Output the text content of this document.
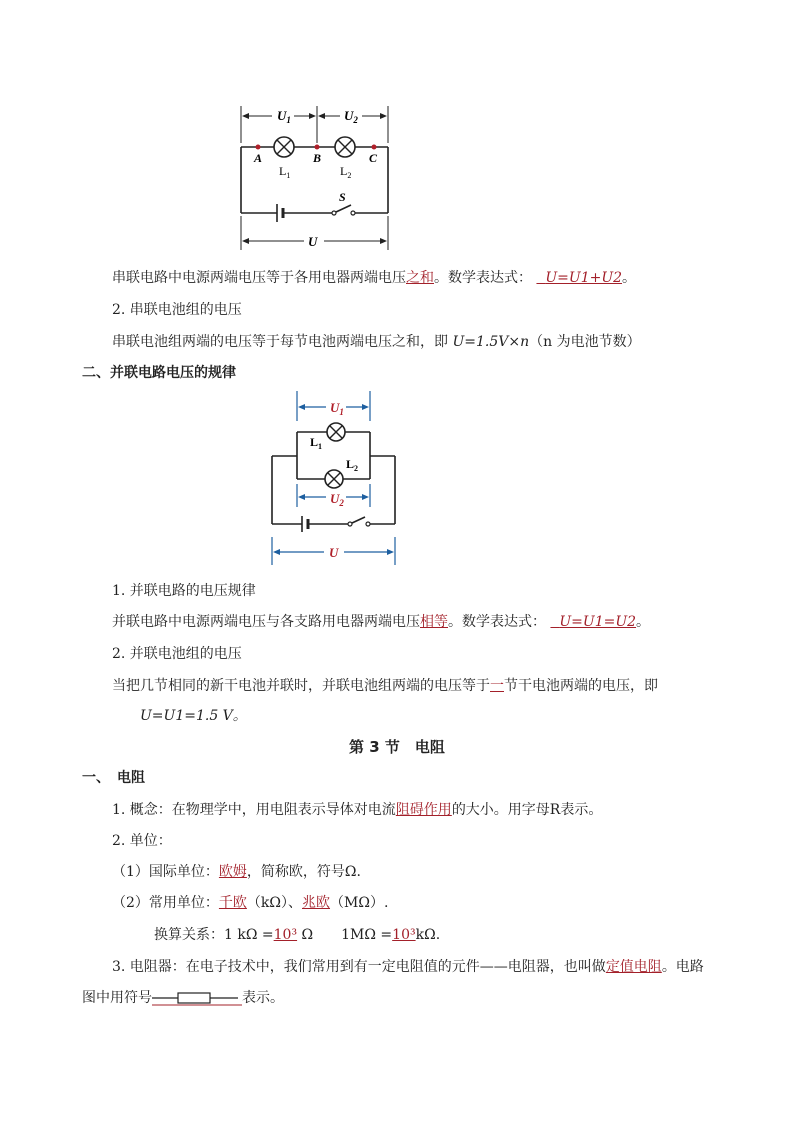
$U_1$	$U_2$
A	B	C
$L_1$	$L_2$
S
U
串联电路中电源两端电压等于各用电器两端电压之和。数学表达式： U=U1+U2。
2. 串联电池组的电压
串联电池组两端的电压等于每节电池两端电压之和，即 U=1.5V×n（n 为电池节数）
二、并联电路电压的规律
$U_1$
$L_1$
$L_2$
$U_2$
U
1. 并联电路的电压规律
并联电路中电源两端电压与各支路用电器两端电压相等。数学表达式： U=U1=U2。
2. 并联电池组的电压
当把几节相同的新干电池并联时，并联电池组两端的电压等于一节干电池两端的电压，即
U=U1=1.5 V。
第 3 节　电阻
一、　电阻
1. 概念：在物理学中，用电阻表示导体对电流阻碍作用的大小。用字母R表示。
2. 单位：
（1）国际单位：欧姆，简称欧，符号Ω.
（2）常用单位：千欧（kΩ）、兆欧（MΩ）.
换算关系：1 kΩ =10³ Ω　　1MΩ =10³kΩ.
3. 电阻器：在电子技术中，我们常用到有一定电阻值的元件——电阻器，也叫做定值电阻。电路
图中用符号	表示。
